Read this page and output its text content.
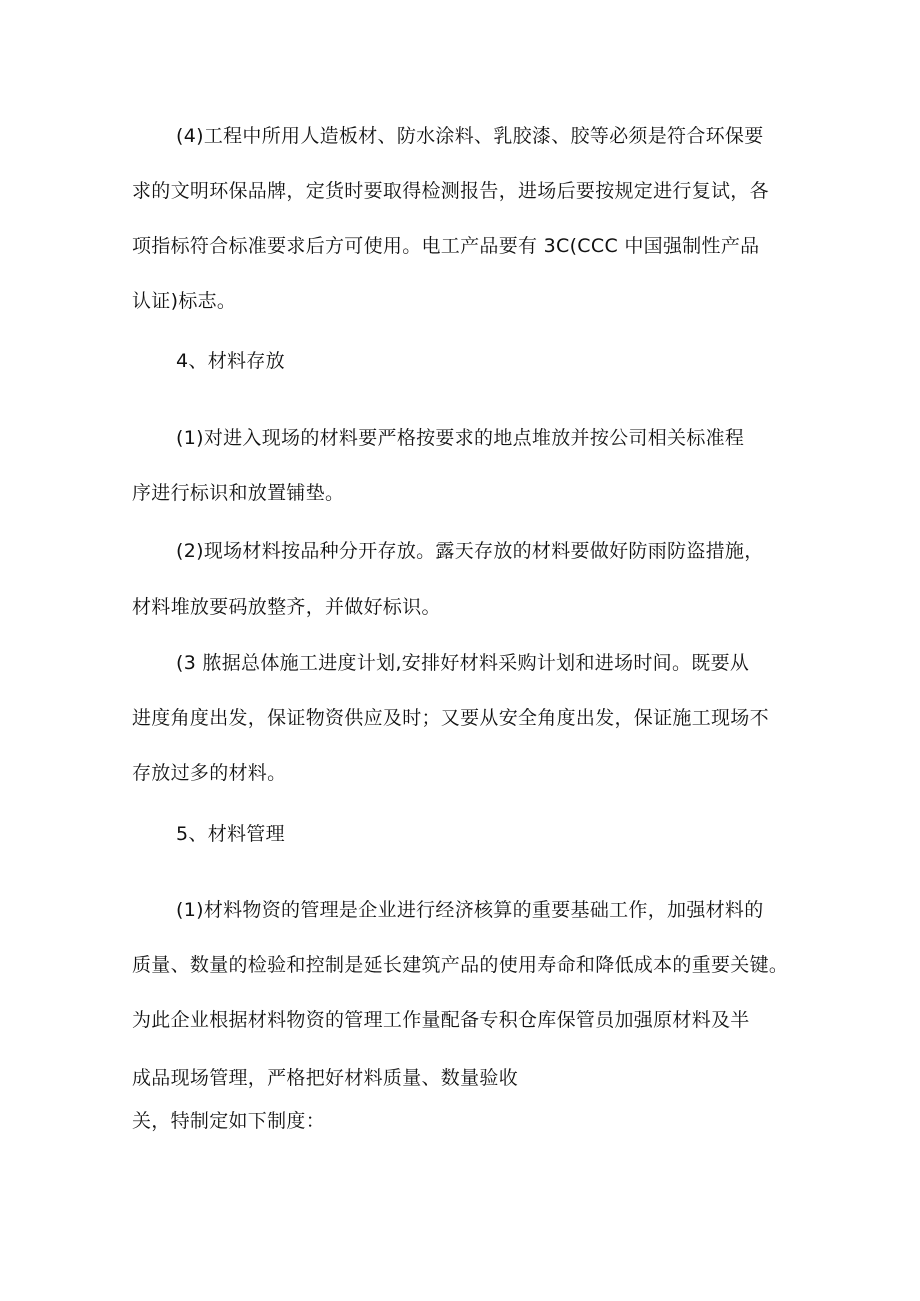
(4)工程中所用人造板材、防水涂料、乳胶漆、胶等必须是符合环保要
求的文明环保品牌，定货时要取得检测报告，进场后要按规定进行复试，各
项指标符合标准要求后方可使用。电工产品要有 3C(CCC 中国强制性产品
认证)标志。
4、材料存放
(1)对进入现场的材料要严格按要求的地点堆放并按公司相关标准程
序进行标识和放置铺垫。
(2)现场材料按品种分开存放。露天存放的材料要做好防雨防盗措施，
材料堆放要码放整齐，并做好标识。
(3 脓据总体施工进度计划,安排好材料采购计划和进场时间。既要从
进度角度出发，保证物资供应及时；又要从安全角度出发，保证施工现场不
存放过多的材料。
5、材料管理
(1)材料物资的管理是企业进行经济核算的重要基础工作，加强材料的
质量、数量的检验和控制是延长建筑产品的使用寿命和降低成本的重要关键。
为此企业根据材料物资的管理工作量配备专积仓库保管员加强原材料及半
成品现场管理，严格把好材料质量、数量验收
关，特制定如下制度：
